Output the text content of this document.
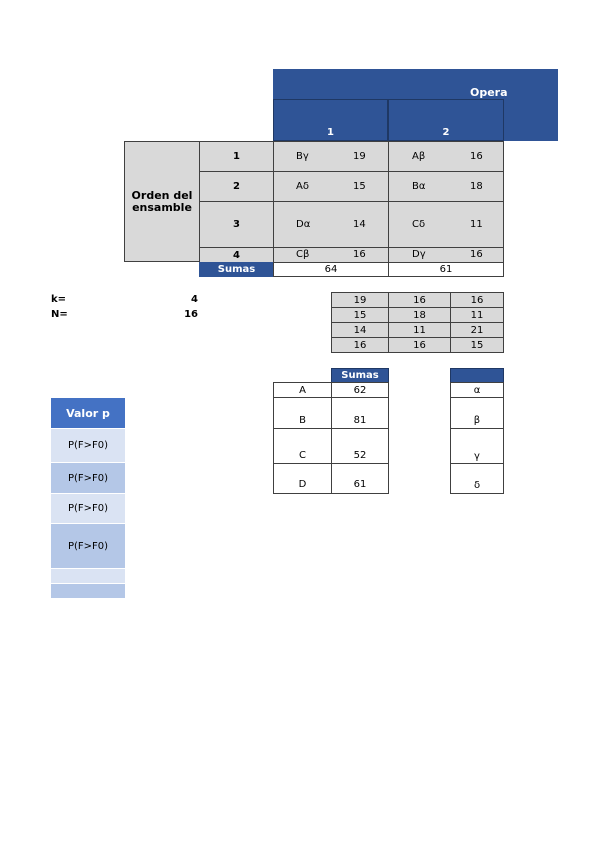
Opera
1	2
Orden del ensamble
1	Bγ	19	Aβ	16
2	Aδ	15	Bα	18
3	Dα	14	Cδ	11
4	Cβ	16	Dγ	16
Sumas	64	61
k=	4
N=	16
19	16	16
15	18	11
14	11	21
16	16	15
Sumas
A	62	α
B	81	β
C	52	γ
D	61	δ
Valor p
P(F>F0)
P(F>F0)
P(F>F0)
P(F>F0)
